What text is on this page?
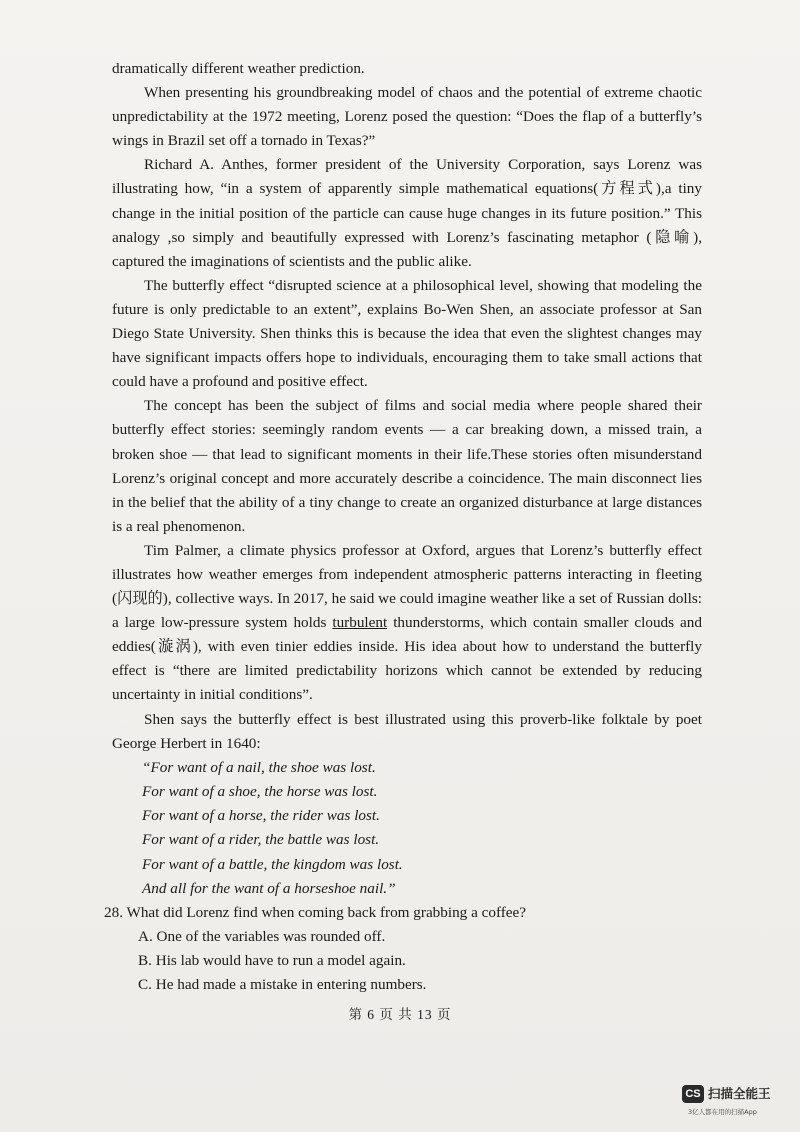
dramatically different weather prediction.

When presenting his groundbreaking model of chaos and the potential of extreme chaotic unpredictability at the 1972 meeting, Lorenz posed the question: “Does the flap of a butterfly’s wings in Brazil set off a tornado in Texas?”

Richard A. Anthes, former president of the University Corporation, says Lorenz was illustrating how, “in a system of apparently simple mathematical equations(方程式),a tiny change in the initial position of the particle can cause huge changes in its future position.” This analogy ,so simply and beautifully expressed with Lorenz’s fascinating metaphor (隐喻), captured the imaginations of scientists and the public alike.

The butterfly effect “disrupted science at a philosophical level, showing that modeling the future is only predictable to an extent”, explains Bo-Wen Shen, an associate professor at San Diego State University. Shen thinks this is because the idea that even the slightest changes may have significant impacts offers hope to individuals, encouraging them to take small actions that could have a profound and positive effect.

The concept has been the subject of films and social media where people shared their butterfly effect stories: seemingly random events — a car breaking down, a missed train, a broken shoe — that lead to significant moments in their life.These stories often misunderstand Lorenz’s original concept and more accurately describe a coincidence. The main disconnect lies in the belief that the ability of a tiny change to create an organized disturbance at large distances is a real phenomenon.

Tim Palmer, a climate physics professor at Oxford, argues that Lorenz’s butterfly effect illustrates how weather emerges from independent atmospheric patterns interacting in fleeting (闪现的), collective ways. In 2017, he said we could imagine weather like a set of Russian dolls: a large low-pressure system holds turbulent thunderstorms, which contain smaller clouds and eddies(漩涡), with even tinier eddies inside. His idea about how to understand the butterfly effect is “there are limited predictability horizons which cannot be extended by reducing uncertainty in initial conditions”.

Shen says the butterfly effect is best illustrated using this proverb-like folktale by poet George Herbert in 1640:

“For want of a nail, the shoe was lost.
For want of a shoe, the horse was lost.
For want of a horse, the rider was lost.
For want of a rider, the battle was lost.
For want of a battle, the kingdom was lost.
And all for the want of a horseshoe nail.”
28. What did Lorenz find when coming back from grabbing a coffee?
A. One of the variables was rounded off.
B. His lab would have to run a model again.
C. He had made a mistake in entering numbers.
第 6 页 共 13 页
CS 扫描全能王
3亿人都在用的扫描App
